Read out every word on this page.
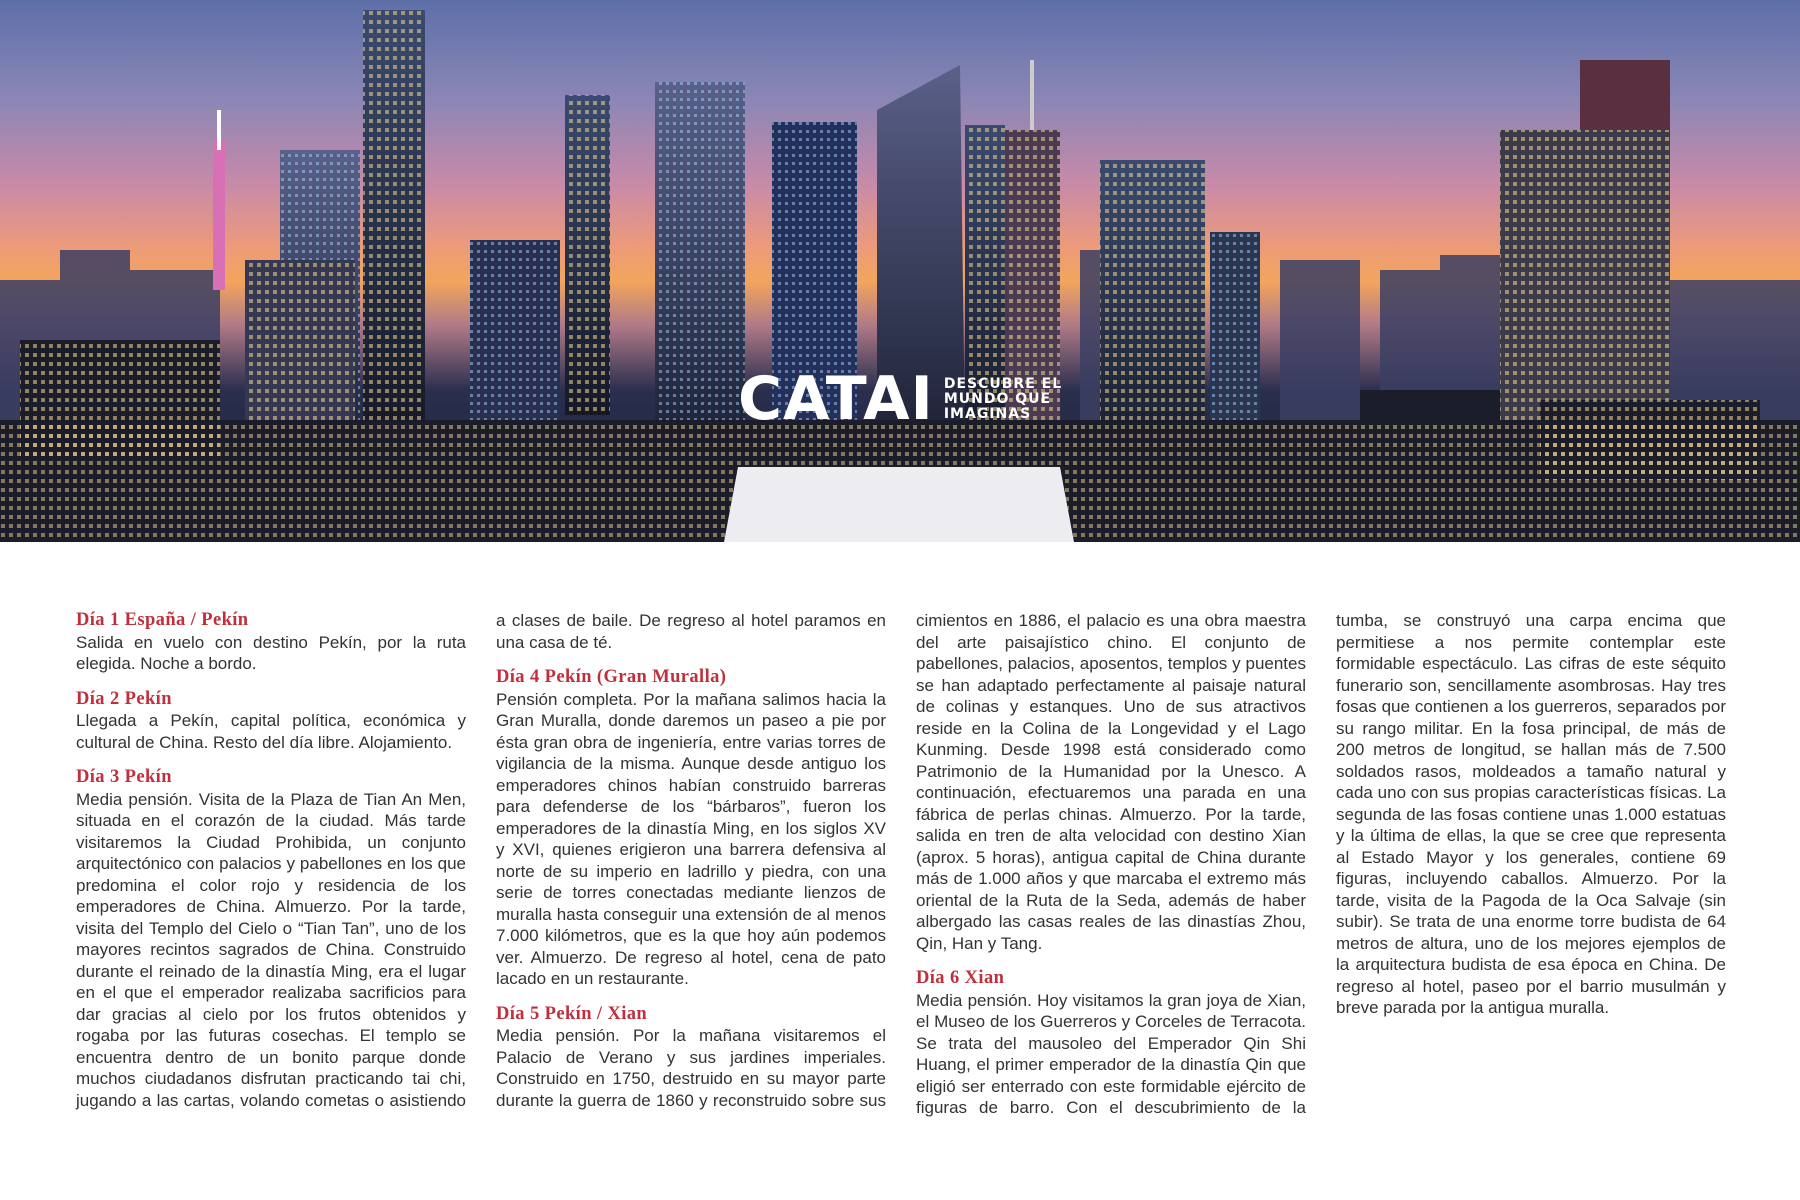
CATAI DESCUBRE EL MUNDO QUE IMAGINAS
Día 1 España / Pekín

Salida en vuelo con destino Pekín, por la ruta elegida. Noche a bordo.

Día 2 Pekín

Llegada a Pekín, capital política, económica y cultural de China. Resto del día libre. Alojamiento.

Día 3 Pekín

Media pensión. Visita de la Plaza de Tian An Men, situada en el corazón de la ciudad. Más tarde visitaremos la Ciudad Prohibida, un conjunto arquitectónico con palacios y pabellones en los que predomina el color rojo y residencia de los emperadores de China. Almuerzo. Por la tarde, visita del Templo del Cielo o “Tian Tan”, uno de los mayores recintos sagrados de China. Construido durante el reinado de la dinastía Ming, era el lugar en el que el emperador realizaba sacrificios para dar gracias al cielo por los frutos obtenidos y rogaba por las futuras cosechas. El templo se encuentra dentro de un bonito parque donde muchos ciudadanos disfrutan practicando tai chi, jugando a las cartas, volando cometas o asistiendo a clases de baile. De regreso al hotel paramos en una casa de té.

Día 4 Pekín (Gran Muralla)

Pensión completa. Por la mañana salimos hacia la Gran Muralla, donde daremos un paseo a pie por ésta gran obra de ingeniería, entre varias torres de vigilancia de la misma. Aunque desde antiguo los emperadores chinos habían construido barreras para defenderse de los “bárbaros”, fueron los emperadores de la dinastía Ming, en los siglos XV y XVI, quienes erigieron una barrera defensiva al norte de su imperio en ladrillo y piedra, con una serie de torres conectadas mediante lienzos de muralla hasta conseguir una extensión de al menos 7.000 kilómetros, que es la que hoy aún podemos ver. Almuerzo. De regreso al hotel, cena de pato lacado en un restaurante.

Día 5 Pekín / Xian

Media pensión. Por la mañana visitaremos el Palacio de Verano y sus jardines imperiales. Construido en 1750, destruido en su mayor parte durante la guerra de 1860 y reconstruido sobre sus cimientos en 1886, el palacio es una obra maestra del arte paisajístico chino. El conjunto de pabellones, palacios, aposentos, templos y puentes se han adaptado perfectamente al paisaje natural de colinas y estanques. Uno de sus atractivos reside en la Colina de la Longevidad y el Lago Kunming. Desde 1998 está considerado como Patrimonio de la Humanidad por la Unesco. A continuación, efectuaremos una parada en una fábrica de perlas chinas. Almuerzo. Por la tarde, salida en tren de alta velocidad con destino Xian (aprox. 5 horas), antigua capital de China durante más de 1.000 años y que marcaba el extremo más oriental de la Ruta de la Seda, además de haber albergado las casas reales de las dinastías Zhou, Qin, Han y Tang.

Día 6 Xian

Media pensión. Hoy visitamos la gran joya de Xian, el Museo de los Guerreros y Corceles de Terracota. Se trata del mausoleo del Emperador Qin Shi Huang, el primer emperador de la dinastía Qin que eligió ser enterrado con este formidable ejército de figuras de barro. Con el descubrimiento de la tumba, se construyó una carpa encima que permitiese a nos permite contemplar este formidable espectáculo. Las cifras de este séquito funerario son, sencillamente asombrosas. Hay tres fosas que contienen a los guerreros, separados por su rango militar. En la fosa principal, de más de 200 metros de longitud, se hallan más de 7.500 soldados rasos, moldeados a tamaño natural y cada uno con sus propias características físicas. La segunda de las fosas contiene unas 1.000 estatuas y la última de ellas, la que se cree que representa al Estado Mayor y los generales, contiene 69 figuras, incluyendo caballos. Almuerzo. Por la tarde, visita de la Pagoda de la Oca Salvaje (sin subir). Se trata de una enorme torre budista de 64 metros de altura, uno de los mejores ejemplos de la arquitectura budista de esa época en China. De regreso al hotel, paseo por el barrio musulmán y breve parada por la antigua muralla.
